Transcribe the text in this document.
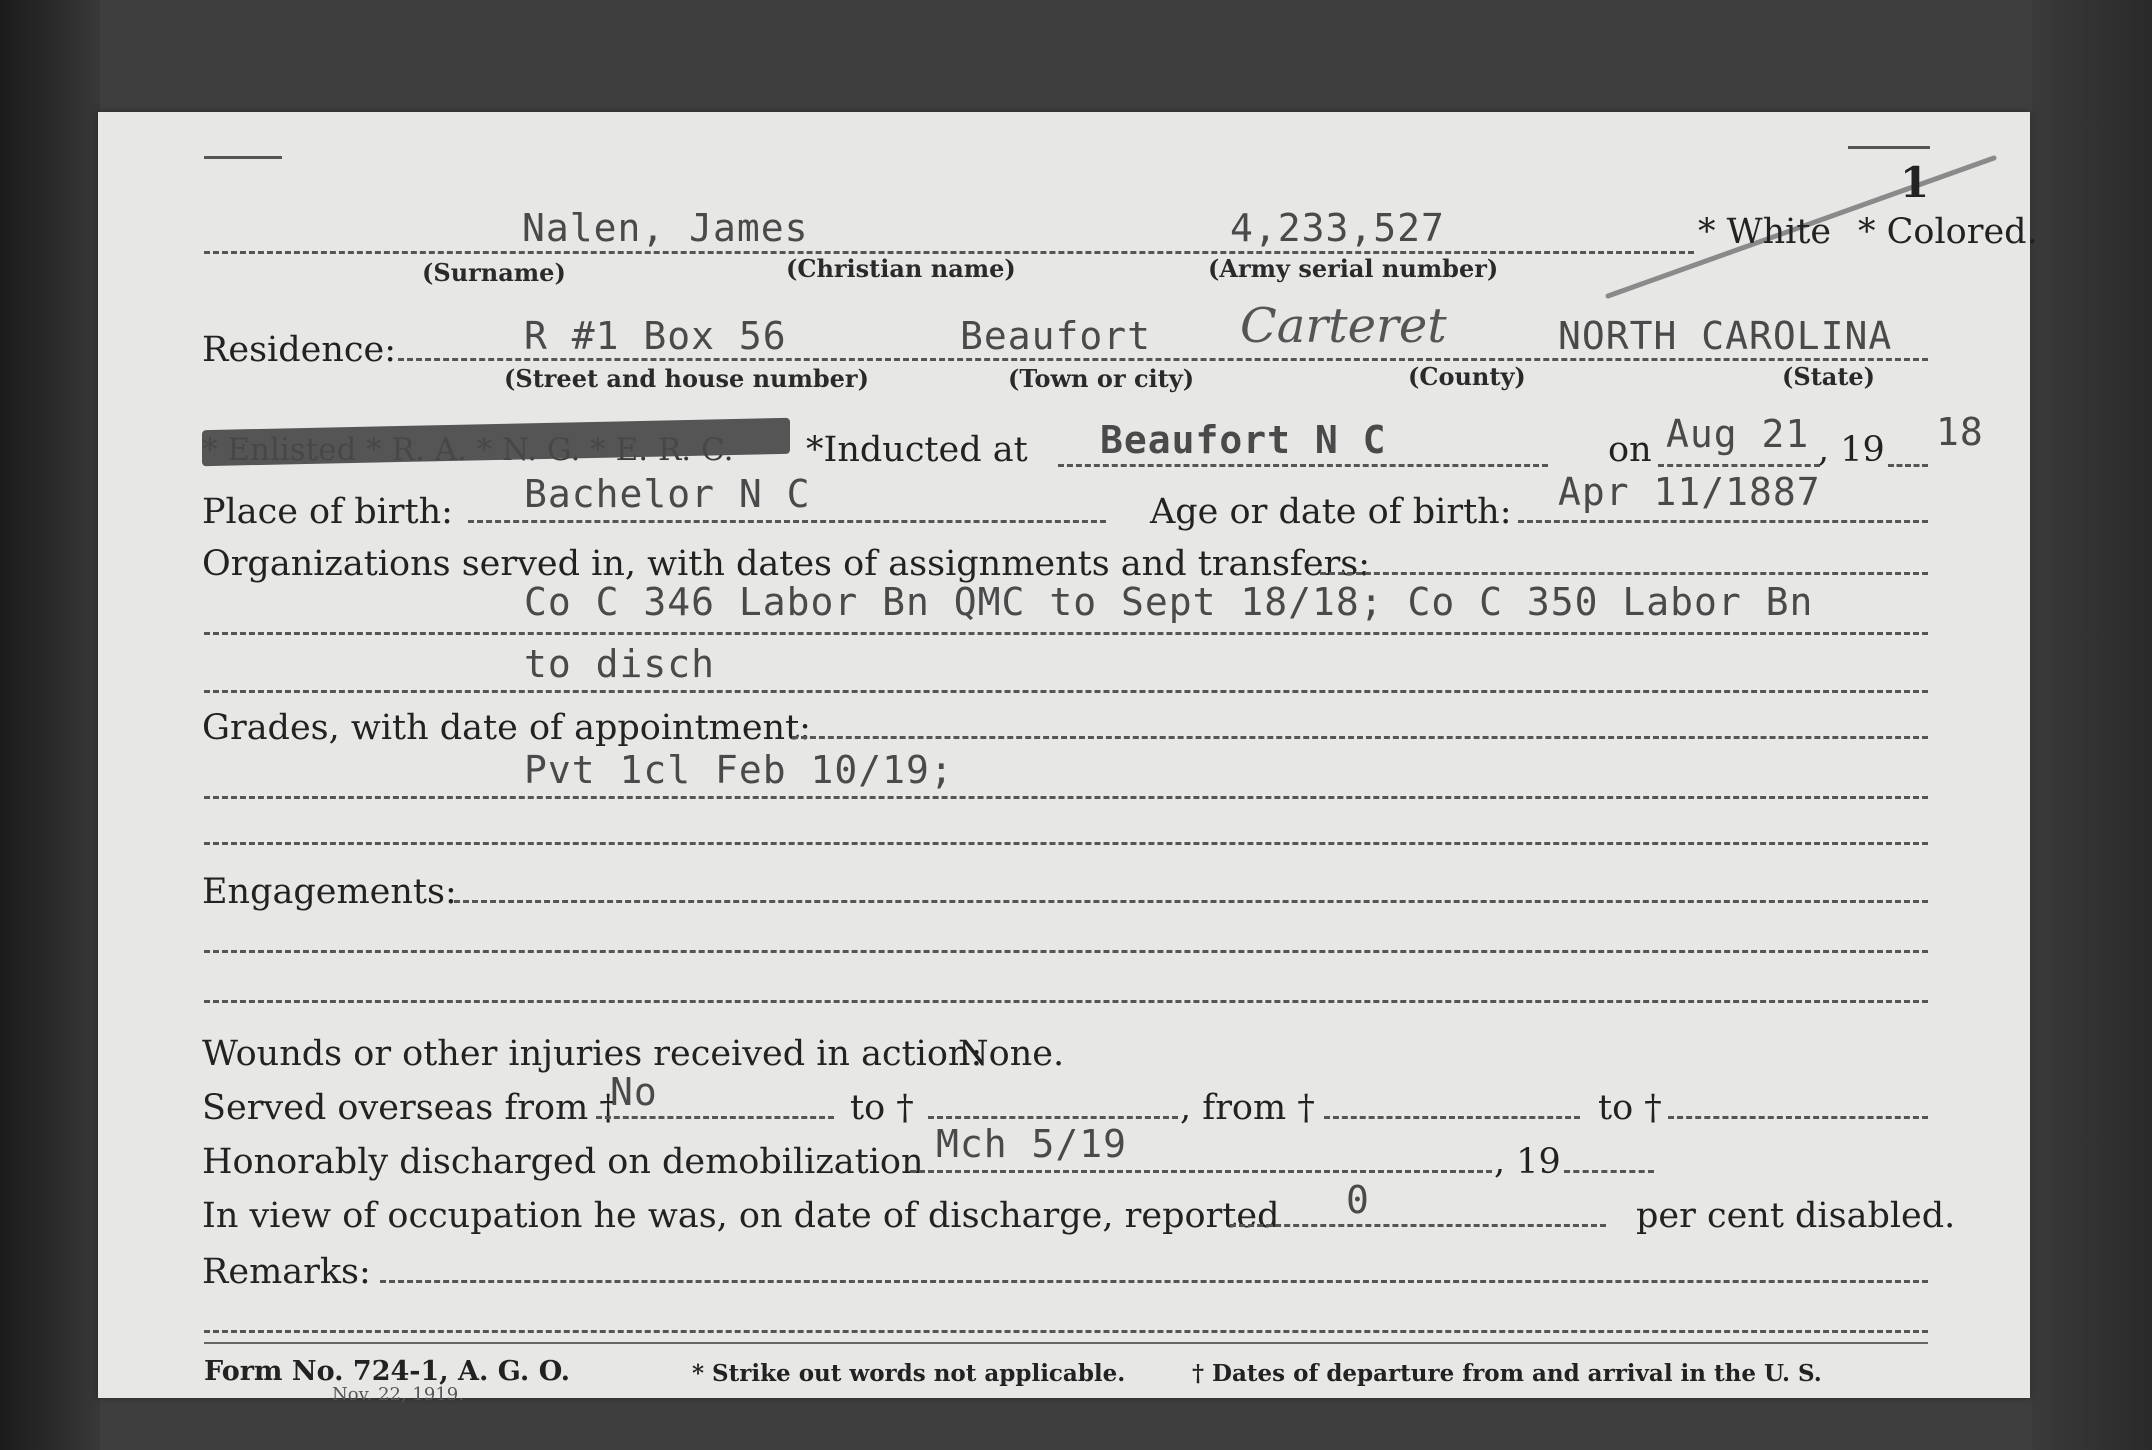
1
Nalen, James	4,233,527	* White * Colored.
(Surname)	(Christian name)	(Army serial number)
Residence:	R #1 Box 56	Beaufort Carteret	NORTH CAROLINA
(Street and house number)	(Town or city)	(County)	(State)
*Inducted at Beaufort N C	on Aug 21 , 19 18
Place of birth: Bachelor N C	Age or date of birth: Apr 11/1887
Organizations served in, with dates of assignments and transfers:
Co C 346 Labor Bn QMC to Sept 18/18; Co C 350 Labor Bn
to disch
Grades, with date of appointment:
Pvt 1cl Feb 10/19;
Engagements:
Wounds or other injuries received in action:
None.
Served overseas from †
No	to †	, from †	to †
Honorably discharged on demobilization Mch 5/19	, 19
In view of occupation he was, on date of discharge, reported 0	per cent disabled.
Remarks:
Form No. 724-1, A. G. O.
Nov. 22, 1919.
* Strike out words not applicable.	† Dates of departure from and arrival in the U. S.
